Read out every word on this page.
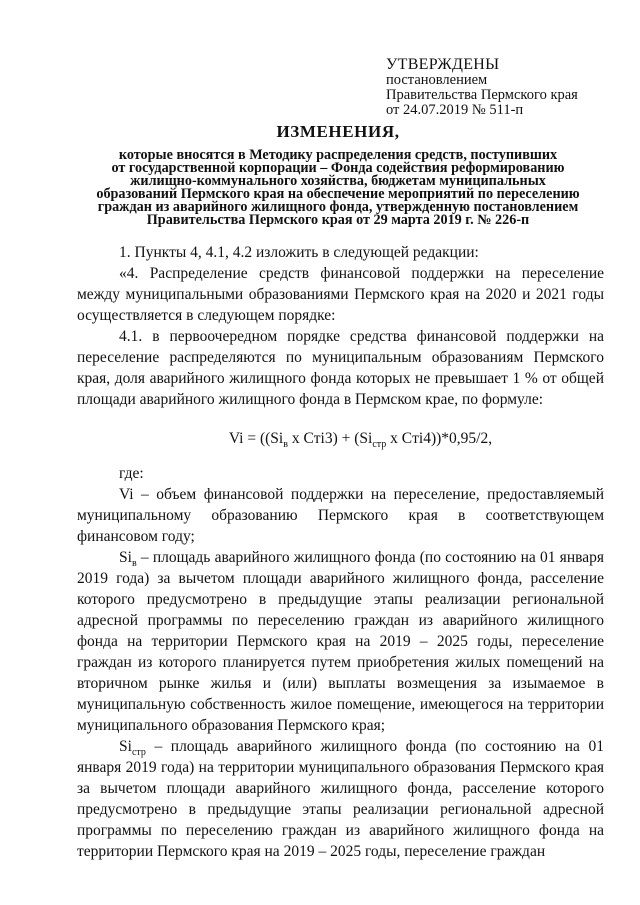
УТВЕРЖДЕНЫ
постановлением
Правительства Пермского края
от 24.07.2019 № 511-п
ИЗМЕНЕНИЯ,
которые вносятся в Методику распределения средств, поступивших
от государственной корпорации – Фонда содействия реформированию
жилищно-коммунального хозяйства, бюджетам муниципальных
образований Пермского края на обеспечение мероприятий по переселению
граждан из аварийного жилищного фонда, утвержденную постановлением
Правительства Пермского края от 29 марта 2019 г. № 226-п

1. Пункты 4, 4.1, 4.2 изложить в следующей редакции:

«4. Распределение средств финансовой поддержки на переселение между муниципальными образованиями Пермского края на 2020 и 2021 годы осуществляется в следующем порядке:

4.1. в первоочередном порядке средства финансовой поддержки на переселение распределяются по муниципальным образованиям Пермского края, доля аварийного жилищного фонда которых не превышает 1 % от общей площади аварийного жилищного фонда в Пермском крае, по формуле:

$Vi = ((Si_в$ x $Cтi3) + (Si_{стр}$ x Cтi4))*0,95/2,

где:

Vi – объем финансовой поддержки на переселение, предоставляемый муниципальному образованию Пермского края в соответствующем финансовом году;

$Si_в$ – площадь аварийного жилищного фонда (по состоянию на 01 января 2019 года) за вычетом площади аварийного жилищного фонда, расселение которого предусмотрено в предыдущие этапы реализации региональной адресной программы по переселению граждан из аварийного жилищного фонда на территории Пермского края на 2019 – 2025 годы, переселение граждан из которого планируется путем приобретения жилых помещений на вторичном рынке жилья и (или) выплаты возмещения за изымаемое в муниципальную собственность жилое помещение, имеющегося на территории муниципального образования Пермского края;

$Si_{стр}$ – площадь аварийного жилищного фонда (по состоянию на 01 января 2019 года) на территории муниципального образования Пермского края за вычетом площади аварийного жилищного фонда, расселение которого предусмотрено в предыдущие этапы реализации региональной адресной программы по переселению граждан из аварийного жилищного фонда на территории Пермского края на 2019 – 2025 годы, переселение граждан
